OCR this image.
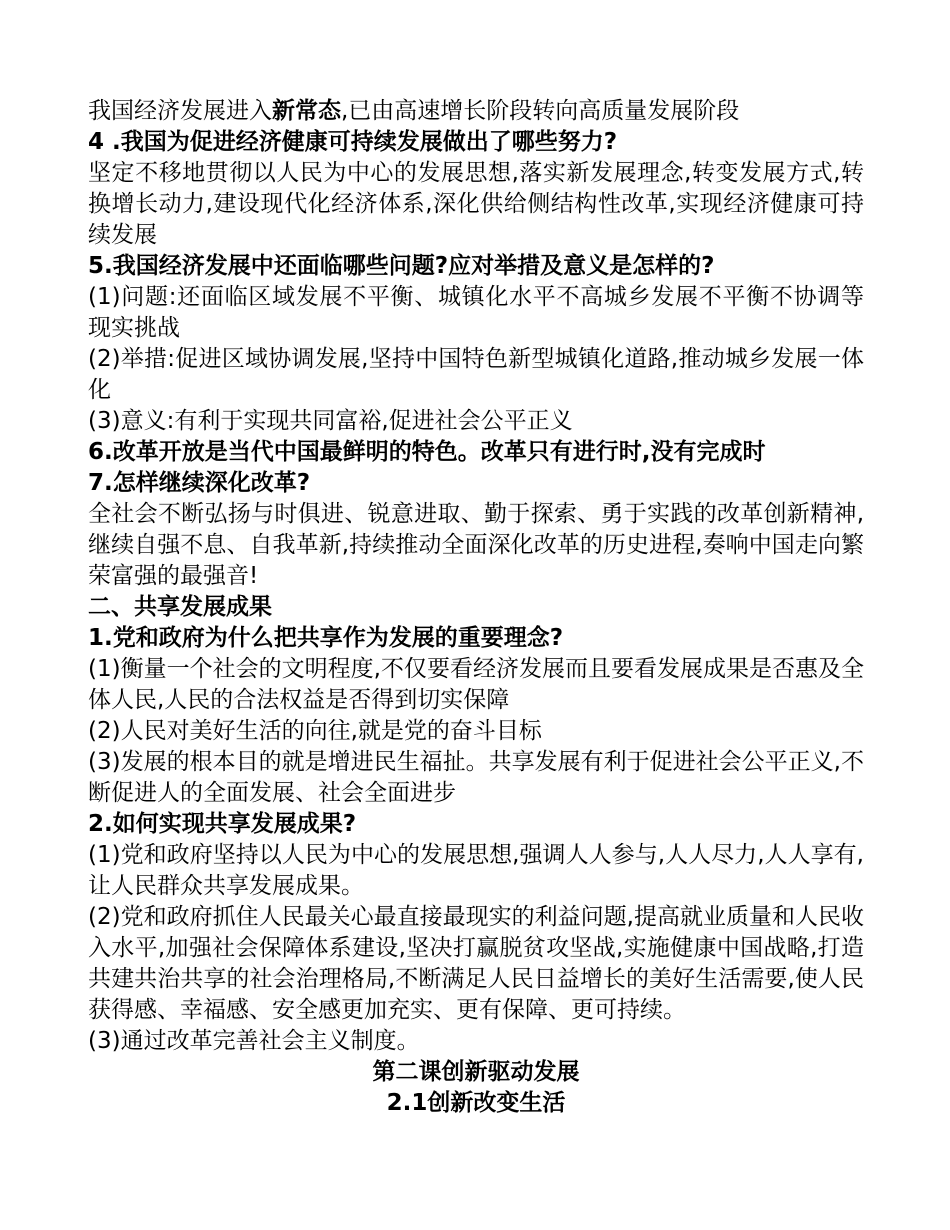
我国经济发展进入新常态,已由高速增长阶段转向高质量发展阶段

4 .我国为促进经济健康可持续发展做出了哪些努力?

坚定不移地贯彻以人民为中心的发展思想,落实新发展理念,转变发展方式,转换增长动力,建设现代化经济体系,深化供给侧结构性改革,实现经济健康可持续发展

5.我国经济发展中还面临哪些问题?应对举措及意义是怎样的?

(1)问题:还面临区域发展不平衡、城镇化水平不高城乡发展不平衡不协调等现实挑战

(2)举措:促进区域协调发展,坚持中国特色新型城镇化道路,推动城乡发展一体化

(3)意义:有利于实现共同富裕,促进社会公平正义

6.改革开放是当代中国最鲜明的特色。改革只有进行时,没有完成时

7.怎样继续深化改革?

全社会不断弘扬与时俱进、锐意进取、勤于探索、勇于实践的改革创新精神,继续自强不息、自我革新,持续推动全面深化改革的历史进程,奏响中国走向繁荣富强的最强音!

二、共享发展成果

1.党和政府为什么把共享作为发展的重要理念?

(1)衡量一个社会的文明程度,不仅要看经济发展而且要看发展成果是否惠及全体人民,人民的合法权益是否得到切实保障

(2)人民对美好生活的向往,就是党的奋斗目标

(3)发展的根本目的就是增进民生福扯。共享发展有利于促进社会公平正义,不断促进人的全面发展、社会全面进步

2.如何实现共享发展成果?

(1)党和政府坚持以人民为中心的发展思想,强调人人参与,人人尽力,人人享有,让人民群众共享发展成果。

(2)党和政府抓住人民最关心最直接最现实的利益问题,提高就业质量和人民收入水平,加强社会保障体系建设,坚决打赢脱贫攻坚战,实施健康中国战略,打造共建共治共享的社会治理格局,不断满足人民日益增长的美好生活需要,使人民获得感、幸福感、安全感更加充实、更有保障、更可持续。

(3)通过改革完善社会主义制度。

第二课创新驱动发展

2.1创新改变生活
